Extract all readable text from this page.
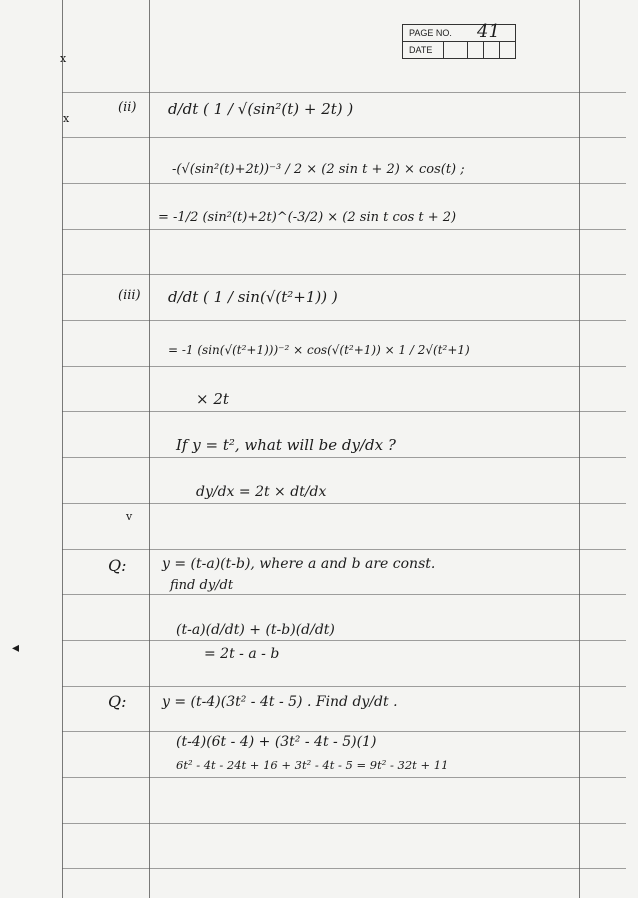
PAGE NO. 41
DATE
x
x
v
◂
(ii) d/dt ( 1 / √(sin²(t) + 2t) )
-(√(sin²(t)+2t))⁻³ / 2 × (2 sin t + 2) × cos(t) ;
= -1/2 (sin²(t)+2t)^(-3/2) × (2 sin t cos t + 2)
(iii) d/dt ( 1 / sin(√(t²+1)) )
= -1 (sin(√(t²+1)))⁻² × cos(√(t²+1)) × 1 / 2√(t²+1)
× 2t
If y = t², what will be dy/dx ?
dy/dx = 2t × dt/dx
Q:	y = (t-a)(t-b), where a and b are const.
find dy/dt
(t-a)(d/dt) + (t-b)(d/dt)
= 2t - a - b
Q:	y = (t-4)(3t² - 4t - 5) . Find dy/dt .
(t-4)(6t - 4) + (3t² - 4t - 5)(1)
6t² - 4t - 24t + 16 + 3t² - 4t - 5 = 9t² - 32t + 11
